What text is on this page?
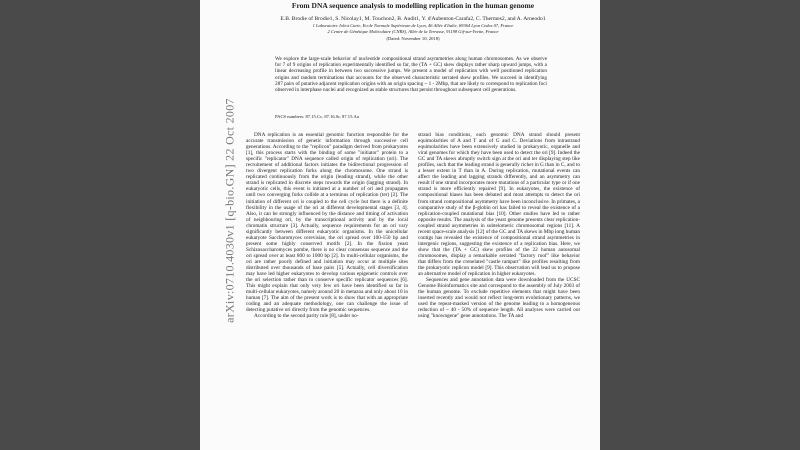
arXiv:0710.4030v1 [q-bio.GN] 22 Oct 2007
From DNA sequence analysis to modelling replication in the human genome
E.B. Brodie of Brodie1, S. Nicolay1, M. Touchon2, B. Audit1, Y. d'Aubenton-Carafa2, C. Thermes2, and A. Arneodo1
1 Laboratoire Joliot Curie, Ecole Normale Supérieure de Lyon, 46 Allée d'Italie, 69364 Lyon Cedex 07, France
2 Centre de Génétique Moléculaire (CNRS), Allée de la Terrasse, 91198 Gif-sur-Yvette, France
(Dated: November 10, 2018)
We explore the large-scale behavior of nucleotide compositional strand asymmetries along human chromosomes. As we observe for 7 of 9 origins of replication experimentally identified so far, the (TA + GC) skew displays rather sharp upward jumps, with a linear decreasing profile in between two successive jumps. We present a model of replication with well positioned replication origins and random terminations that accounts for the observed characteristic serrated skew profiles. We succeed in identifying 287 pairs of putative adjacent replication origins with an origin spacing ~ 1 - 2Mbp, that are likely to correspond to replication foci observed in interphase nuclei and recognized as stable structures that persist throughout subsequent cell generations.
PACS numbers: 87.15.Cc, 87.16.Sr, 87.15.Aa

DNA replication is an essential genomic function responsible for the accurate transmission of genetic information through successive cell generations. According to the "replicon" paradigm derived from prokaryotes [1], this process starts with the binding of some "initiator" protein to a specific "replicator" DNA sequence called origin of replication (ori). The recruitement of additional factors initiates the bidirectional progression of two divergent replication forks along the chromosome. One strand is replicated continuously from the origin (leading strand), while the other strand is replicated in discrete steps towards the origin (lagging strand). In eukaryotic cells, this event is initiated at a number of ori and propagates until two converging forks collide at a terminus of replication (ter) [2]. The initiation of different ori is coupled to the cell cycle but there is a definite flexibility in the usage of the ori at different developmental stages [3, 4]. Also, it can be strongly influenced by the distance and timing of activation of neighbouring ori, by the transcriptional activity and by the local chromatin structure [3]. Actually, sequence requirements for an ori vary significantly between different eukaryotic organisms. In the unicellular eukaryote Saccharomyces cerevisiae, the ori spread over 100-150 bp and present some highly conserved motifs [2]. In the fission yeast Schizosaccharomyces pombe, there is no clear consensus sequence and the ori spread over at least 800 to 1000 bp [2]. In multi-cellular organisms, the ori are rather poorly defined and initiation may occur at multiple sites distributed over thousands of base pairs [5]. Actually, cell diversification may have led higher eukaryotes to develop various epigenetic controls over the ori selection rather than to conserve specific replicator sequences [6]. This might explain that only very few ori have been identified so far in multi-cellular eukaryotes, namely around 20 in metazoa and only about 10 in human [7]. The aim of the present work is to show that with an appropriate coding and an adequate methodology, one can challenge the issue of detecting putative ori directly from the genomic sequences.

According to the second parity rule [8], under no-

strand bias conditions, each genomic DNA strand should present equimolarities of A and T and of G and C. Deviations from intrastrand equimolarities have been extensively studied in prokaryotic, organelle and viral genomes for which they have been used to detect the ori [9]. Indeed the GC and TA skews abruptly switch sign at the ori and ter displaying step like profiles, such that the leading strand is generally richer in G than in C, and to a lesser extent in T than in A. During replication, mutational events can affect the leading and lagging strands differently, and an asymmetry can result if one strand incorporates more mutations of a particular type or if one strand is more efficiently repaired [9]. In eukaryotes, the existence of compositional biases has been debated and most attempts to detect the ori from strand compositional asymmetry have been inconclusive. In primates, a comparative study of the β-globin ori has failed to reveal the existence of a replication-coupled mutational bias [10]. Other studies have led to rather opposite results. The analysis of the yeast genome presents clear replication-coupled strand asymmetries in subtelomeric chromosomal regions [11]. A recent space-scale analysis [12] of the GC and TA skews in Mbp long human contigs has revealed the existence of compositional strand asymmetries in intergenic regions, suggesting the existence of a replication bias. Here, we show that the (TA + GC) skew profiles of the 22 human autosomal chromosomes, display a remarkable serrated "factory roof" like behavior that differs from the crenelated "castle rampart" like profiles resulting from the prokaryotic replicon model [9]. This observation will lead us to propose an alternative model of replication in higher eukaryotes.

Sequences and gene annotation data were downloaded from the UCSC Genome Bioinformatics site and correspond to the assembly of July 2003 of the human genome. To exclude repetitive elements that might have been inserted recently and would not reflect long-term evolutionary patterns, we used the repeat-masked version of the genome leading to a homogeneous reduction of ~ 40 - 50% of sequence length. All analyses were carried out using "knowngene" gene annotations. The TA and
